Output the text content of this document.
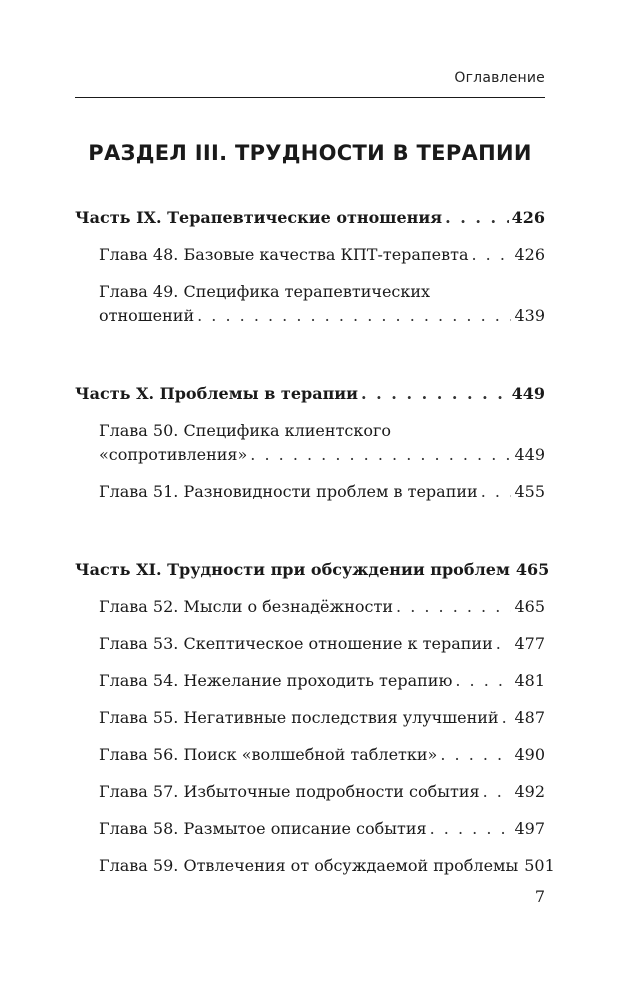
Оглавление
РАЗДЕЛ III. ТРУДНОСТИ В ТЕРАПИИ
Часть IX. Терапевтические отношения . . .	426
Глава 48. Базовые качества КПТ-терапевта . . .	426
Глава 49. Специфика терапевтических
отношений . . .	439
Часть X. Проблемы в терапии . . .	449
Глава 50. Специфика клиентского
«сопротивления» . . .	449
Глава 51. Разновидности проблем в терапии . . . 455
Часть XI. Трудности при обсуждении проблем 465
Глава 52. Мысли о безнадёжности . . .	465
Глава 53. Скептическое отношение к терапии . . . 477
Глава 54. Нежелание проходить терапию . . .	481
Глава 55. Негативные последствия улучшений . . . 487
Глава 56. Поиск «волшебной таблетки» . . .	490
Глава 57. Избыточные подробности события . . . 492
Глава 58. Размытое описание события . . .	497
Глава 59. Отвлечения от обсуждаемой проблемы 501
7
